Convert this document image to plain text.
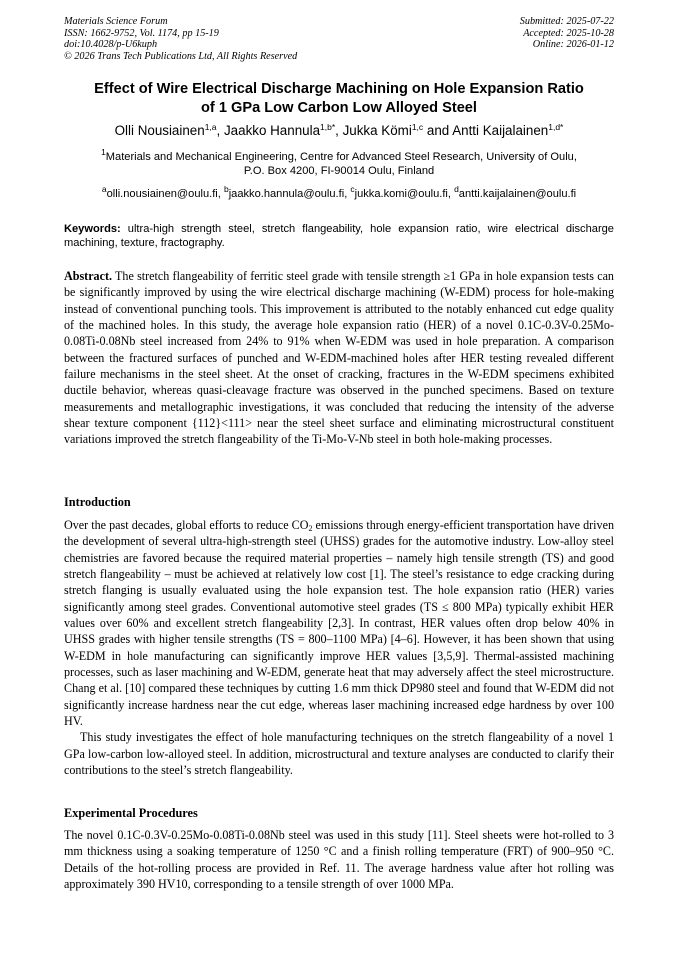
Materials Science Forum
ISSN: 1662-9752, Vol. 1174, pp 15-19
doi:10.4028/p-U6kuph
© 2026 Trans Tech Publications Ltd, All Rights Reserved
Submitted: 2025-07-22
Accepted: 2025-10-28
Online: 2026-01-12
Effect of Wire Electrical Discharge Machining on Hole Expansion Ratio
of 1 GPa Low Carbon Low Alloyed Steel
Olli Nousiainen$^{1,a}$, Jaakko Hannula$^{1,b*}$, Jukka Kömi$^{1,c}$ and Antti Kaijalainen$^{1,d*}$
$^1$Materials and Mechanical Engineering, Centre for Advanced Steel Research, University of Oulu,
P.O. Box 4200, FI-90014 Oulu, Finland
$^a$olli.nousiainen@oulu.fi, $^b$jaakko.hannula@oulu.fi, $^c$jukka.komi@oulu.fi, $^d$antti.kaijalainen@oulu.fi
Keywords: ultra-high strength steel, stretch flangeability, hole expansion ratio, wire electrical discharge machining, texture, fractography.
Abstract. The stretch flangeability of ferritic steel grade with tensile strength ≥1 GPa in hole expansion tests can be significantly improved by using the wire electrical discharge machining (W-EDM) process for hole-making instead of conventional punching tools. This improvement is attributed to the notably enhanced cut edge quality of the machined holes. In this study, the average hole expansion ratio (HER) of a novel 0.1C-0.3V-0.25Mo-0.08Ti-0.08Nb steel increased from 24% to 91% when W-EDM was used in hole preparation. A comparison between the fractured surfaces of punched and W-EDM-machined holes after HER testing revealed different failure mechanisms in the steel sheet. At the onset of cracking, fractures in the W-EDM specimens exhibited ductile behavior, whereas quasi-cleavage fracture was observed in the punched specimens. Based on texture measurements and metallographic investigations, it was concluded that reducing the intensity of the adverse shear texture component {112}<111> near the steel sheet surface and eliminating microstructural constituent variations improved the stretch flangeability of the Ti-Mo-V-Nb steel in both hole-making processes.
Introduction

Over the past decades, global efforts to reduce CO2 emissions through energy-efficient transportation have driven the development of several ultra-high-strength steel (UHSS) grades for the automotive industry. Low-alloy steel chemistries are favored because the required material properties – namely high tensile strength (TS) and good stretch flangeability – must be achieved at relatively low cost [1]. The steel’s resistance to edge cracking during stretch flanging is usually evaluated using the hole expansion test. The hole expansion ratio (HER) varies significantly among steel grades. Conventional automotive steel grades (TS ≤ 800 MPa) typically exhibit HER values over 60% and excellent stretch flangeability [2,3]. In contrast, HER values often drop below 40% in UHSS grades with higher tensile strengths (TS = 800–1100 MPa) [4–6]. However, it has been shown that using W-EDM in hole manufacturing can significantly improve HER values [3,5,9]. Thermal-assisted machining processes, such as laser machining and W-EDM, generate heat that may adversely affect the steel microstructure. Chang et al. [10] compared these techniques by cutting 1.6 mm thick DP980 steel and found that W-EDM did not significantly increase hardness near the cut edge, whereas laser machining increased edge hardness by over 100 HV.

This study investigates the effect of hole manufacturing techniques on the stretch flangeability of a novel 1 GPa low-carbon low-alloyed steel. In addition, microstructural and texture analyses are conducted to clarify their contributions to the steel’s stretch flangeability.

Experimental Procedures

The novel 0.1C-0.3V-0.25Mo-0.08Ti-0.08Nb steel was used in this study [11]. Steel sheets were hot-rolled to 3 mm thickness using a soaking temperature of 1250 °C and a finish rolling temperature (FRT) of 900–950 °C. Details of the hot-rolling process are provided in Ref. 11. The average hardness value after hot rolling was approximately 390 HV10, corresponding to a tensile strength of over 1000 MPa.
